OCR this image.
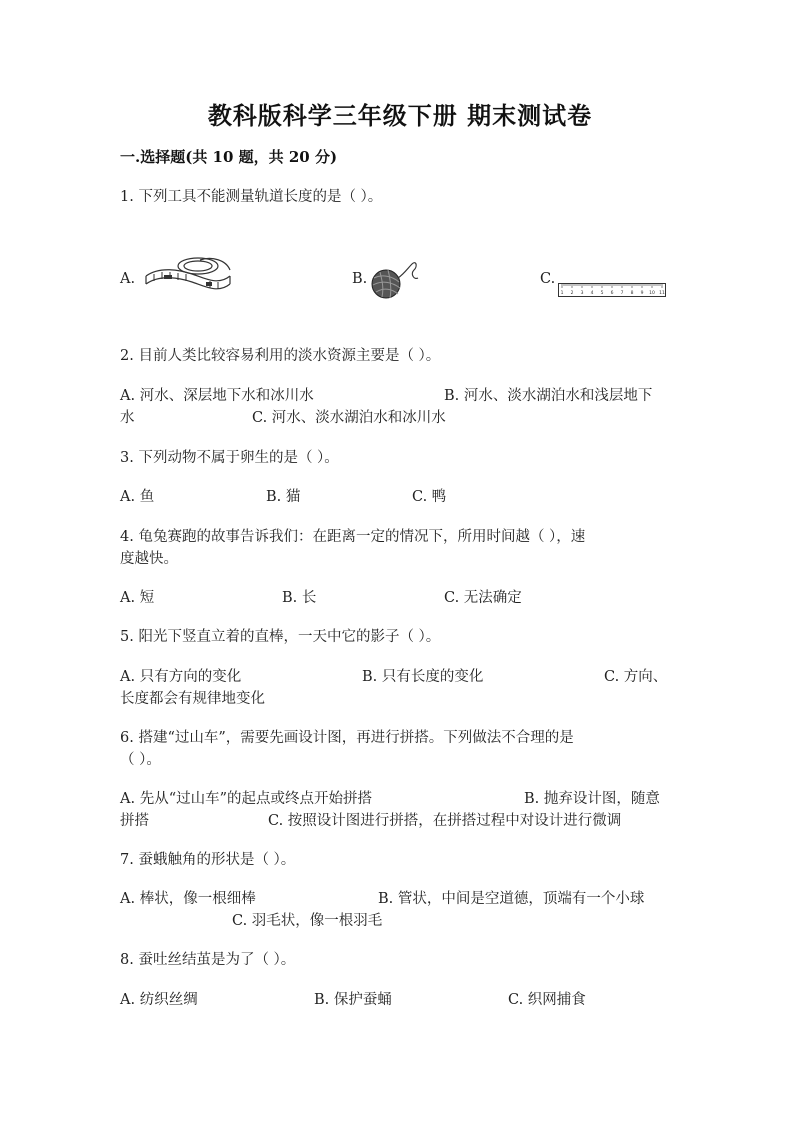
教科版科学三年级下册 期末测试卷
一.选择题(共 10 题，共 20 分)
1. 下列工具不能测量轨道长度的是（ ）。
A.	B.	C.
1 2 3 4 5 6 7 8 9 10 11
2. 目前人类比较容易利用的淡水资源主要是（ ）。
A. 河水、深层地下水和冰川水	B. 河水、淡水湖泊水和浅层地下
水	C. 河水、淡水湖泊水和冰川水
3. 下列动物不属于卵生的是（ ）。
A. 鱼	B. 猫	C. 鸭
4. 龟兔赛跑的故事告诉我们：在距离一定的情况下，所用时间越（ ），速
度越快。
A. 短	B. 长	C. 无法确定
5. 阳光下竖直立着的直棒，一天中它的影子（ ）。
A. 只有方向的变化	B. 只有长度的变化	C. 方向、
长度都会有规律地变化
6. 搭建“过山车”，需要先画设计图，再进行拼搭。下列做法不合理的是
（ ）。
A. 先从“过山车”的起点或终点开始拼搭	B. 抛弃设计图，随意
拼搭	C. 按照设计图进行拼搭，在拼搭过程中对设计进行微调
7. 蚕蛾触角的形状是（ ）。
A. 棒状，像一根细棒	B. 管状，中间是空道德，顶端有一个小球
C. 羽毛状，像一根羽毛
8. 蚕吐丝结茧是为了（ ）。
A. 纺织丝绸	B. 保护蚕蛹	C. 织网捕食
